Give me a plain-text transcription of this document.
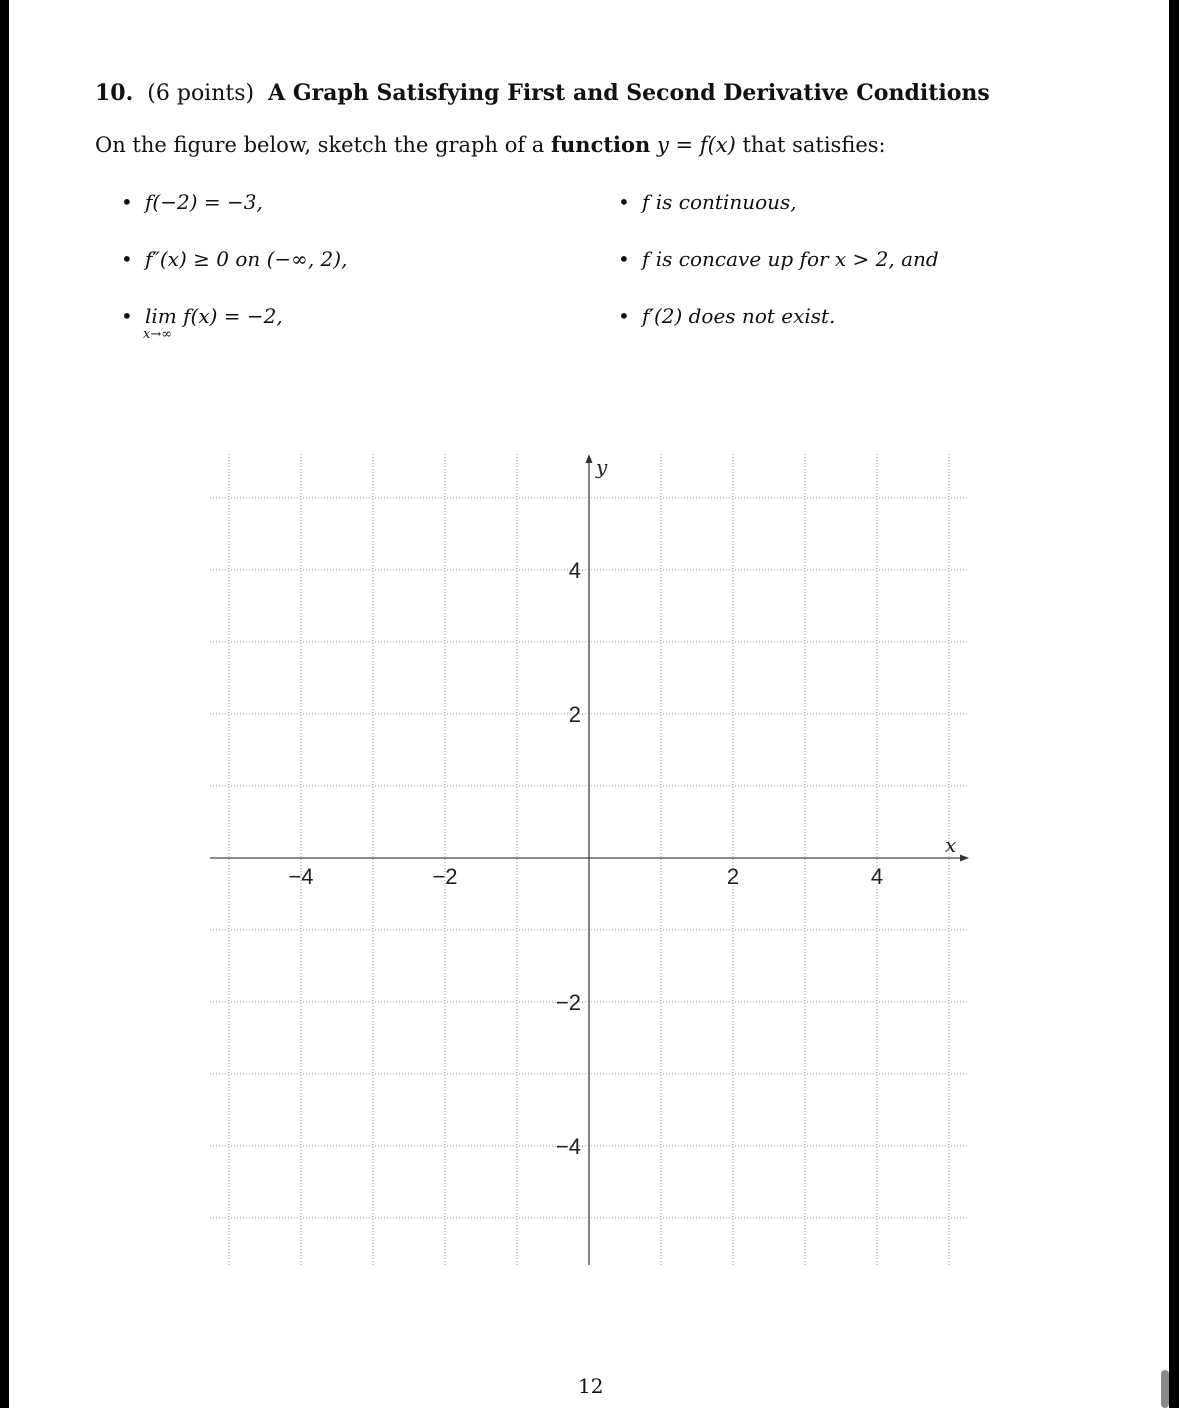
10. (6 points) A Graph Satisfying First and Second Derivative Conditions
On the figure below, sketch the graph of a function y = f(x) that satisfies:
• f(−2) = −3,
• f″(x) ≥ 0 on (−∞, 2),
• lim f(x) = −2,
x→∞
• f is continuous,
• f is concave up for x > 2, and
• f′(2) does not exist.
x
y
−4	−2	2	4
4
2
−2
−4
12
